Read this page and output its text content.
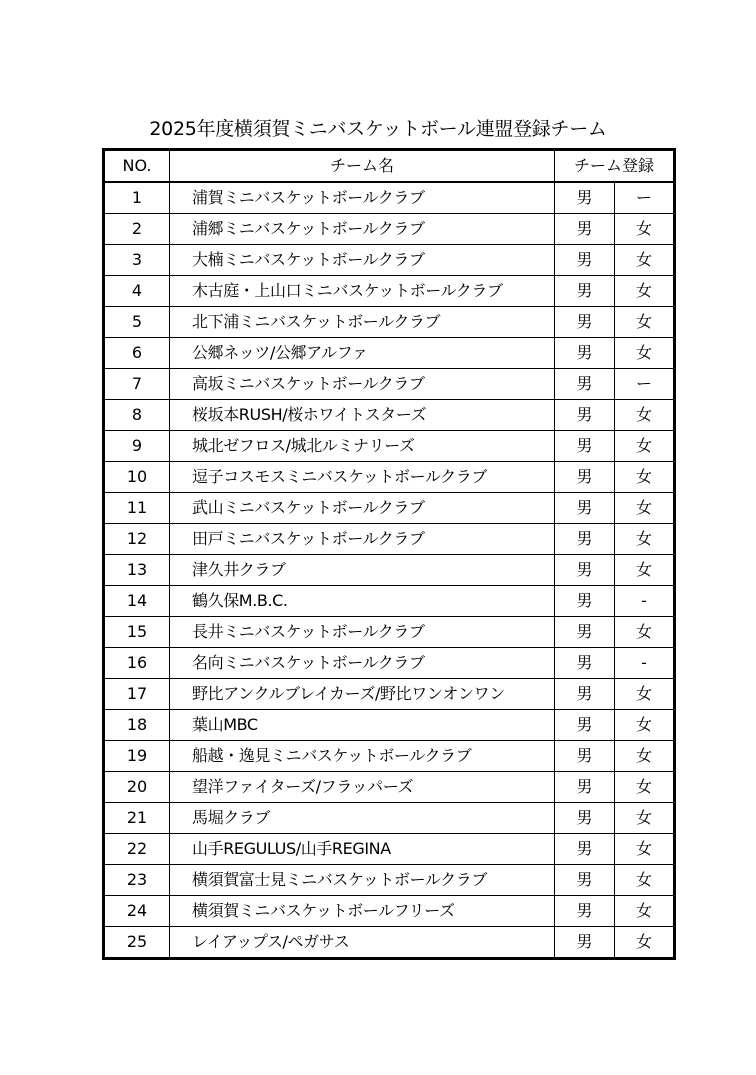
2025年度横須賀ミニバスケットボール連盟登録チーム
NO.	チーム名	チーム登録	
1	浦賀ミニバスケットボールクラブ	男	ー
2	浦郷ミニバスケットボールクラブ	男	女
3	大楠ミニバスケットボールクラブ	男	女
4	木古庭・上山口ミニバスケットボールクラブ	男	女
5	北下浦ミニバスケットボールクラブ	男	女
6	公郷ネッツ/公郷アルファ	男	女
7	高坂ミニバスケットボールクラブ	男	ー
8	桜坂本RUSH/桜ホワイトスターズ	男	女
9	城北ゼフロス/城北ルミナリーズ	男	女
10	逗子コスモスミニバスケットボールクラブ	男	女
11	武山ミニバスケットボールクラブ	男	女
12	田戸ミニバスケットボールクラブ	男	女
13	津久井クラブ	男	女
14	鶴久保M.B.C.	男	-
15	長井ミニバスケットボールクラブ	男	女
16	名向ミニバスケットボールクラブ	男	-
17	野比アンクルブレイカーズ/野比ワンオンワン	男	女
18	葉山MBC	男	女
19	船越・逸見ミニバスケットボールクラブ	男	女
20	望洋ファイターズ/フラッパーズ	男	女
21	馬堀クラブ	男	女
22	山手REGULUS/山手REGINA	男	女
23	横須賀富士見ミニバスケットボールクラブ	男	女
24	横須賀ミニバスケットボールフリーズ	男	女
25	レイアップス/ペガサス	男	女
